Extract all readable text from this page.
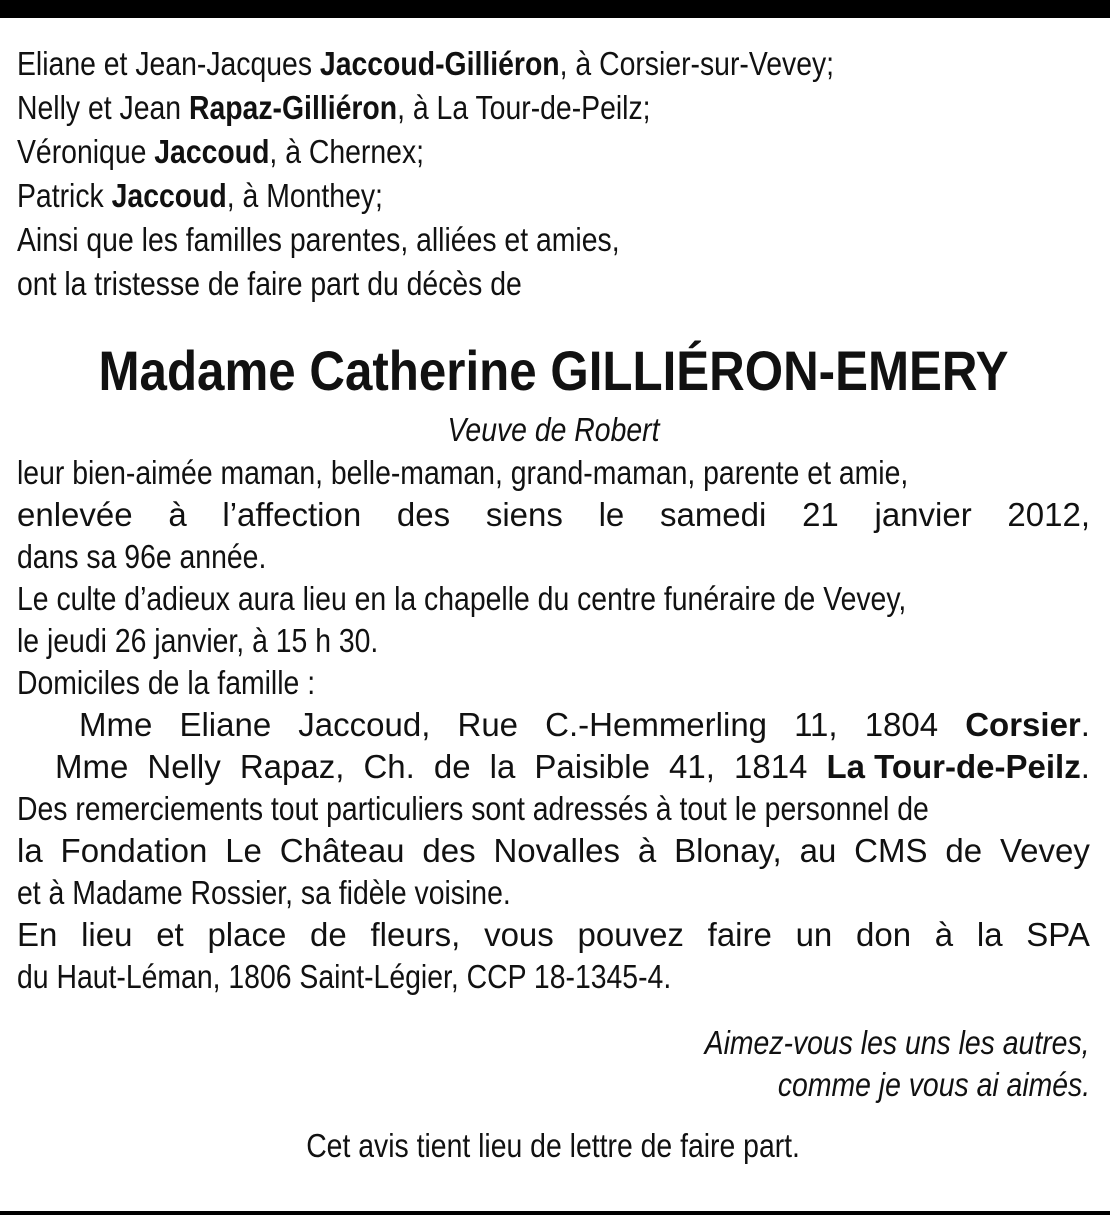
Eliane et Jean-Jacques Jaccoud-Gilliéron, à Corsier-sur-Vevey;
Nelly et Jean Rapaz-Gilliéron, à La Tour-de-Peilz;
Véronique Jaccoud, à Chernex;
Patrick Jaccoud, à Monthey;
Ainsi que les familles parentes, alliées et amies,
ont la tristesse de faire part du décès de
Madame Catherine GILLIÉRON-EMERY
Veuve de Robert
leur bien-aimée maman, belle-maman, grand-maman, parente et amie,
enlevée à l’affection des siens le samedi 21 janvier 2012,
dans sa 96e année.
Le culte d’adieux aura lieu en la chapelle du centre funéraire de Vevey,
le jeudi 26 janvier, à 15 h 30.
Domiciles de la famille :
Mme Eliane Jaccoud, Rue C.-Hemmerling 11, 1804 Corsier.
Mme Nelly Rapaz, Ch. de la Paisible 41, 1814 La Tour-de-Peilz.
Des remerciements tout particuliers sont adressés à tout le personnel de
la Fondation Le Château des Novalles à Blonay, au CMS de Vevey
et à Madame Rossier, sa fidèle voisine.
En lieu et place de fleurs, vous pouvez faire un don à la SPA
du Haut-Léman, 1806 Saint-Légier, CCP 18-1345-4.
Aimez-vous les uns les autres,
comme je vous ai aimés.
Cet avis tient lieu de lettre de faire part.
